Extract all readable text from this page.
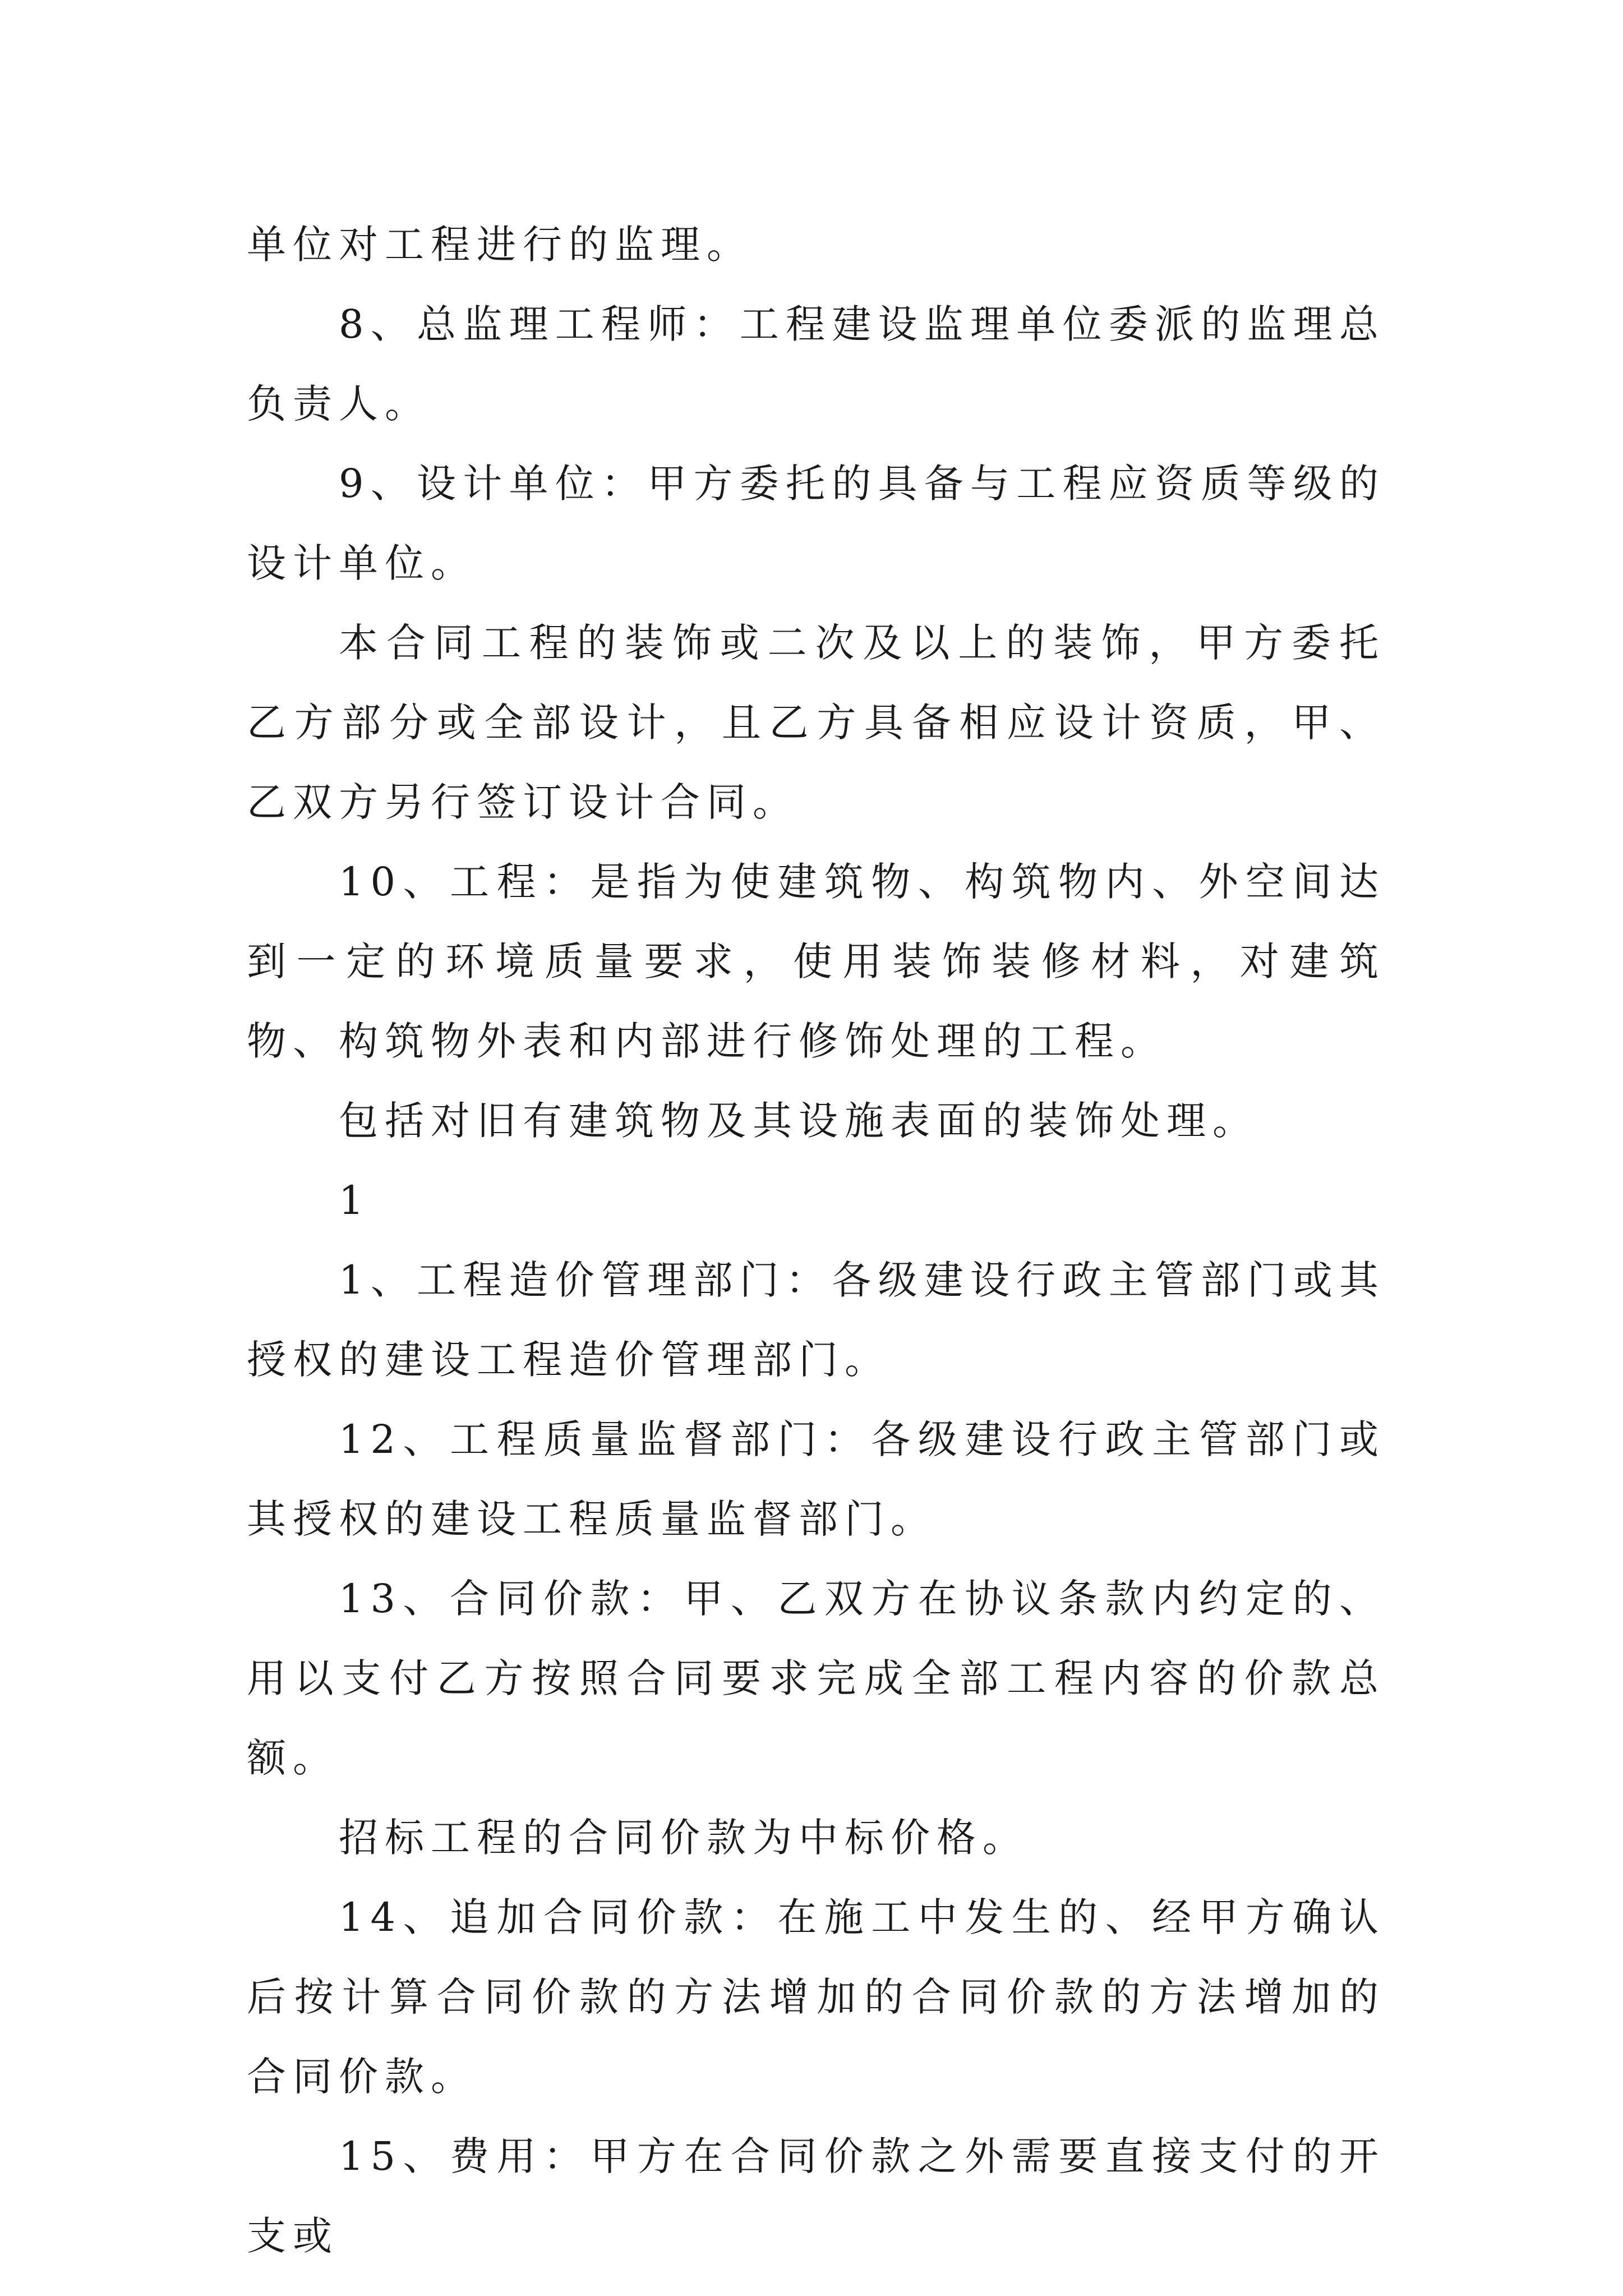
单位对工程进行的监理。

8、总监理工程师：工程建设监理单位委派的监理总负责人。

9、设计单位：甲方委托的具备与工程应资质等级的设计单位。

本合同工程的装饰或二次及以上的装饰，甲方委托乙方部分或全部设计，且乙方具备相应设计资质，甲、乙双方另行签订设计合同。

10、工程：是指为使建筑物、构筑物内、外空间达到一定的环境质量要求，使用装饰装修材料，对建筑物、构筑物外表和内部进行修饰处理的工程。

包括对旧有建筑物及其设施表面的装饰处理。

1

1、工程造价管理部门：各级建设行政主管部门或其授权的建设工程造价管理部门。

12、工程质量监督部门：各级建设行政主管部门或其授权的建设工程质量监督部门。

13、合同价款：甲、乙双方在协议条款内约定的、用以支付乙方按照合同要求完成全部工程内容的价款总额。

招标工程的合同价款为中标价格。

14、追加合同价款：在施工中发生的、经甲方确认后按计算合同价款的方法增加的合同价款的方法增加的合同价款。

15、费用：甲方在合同价款之外需要直接支付的开支或
